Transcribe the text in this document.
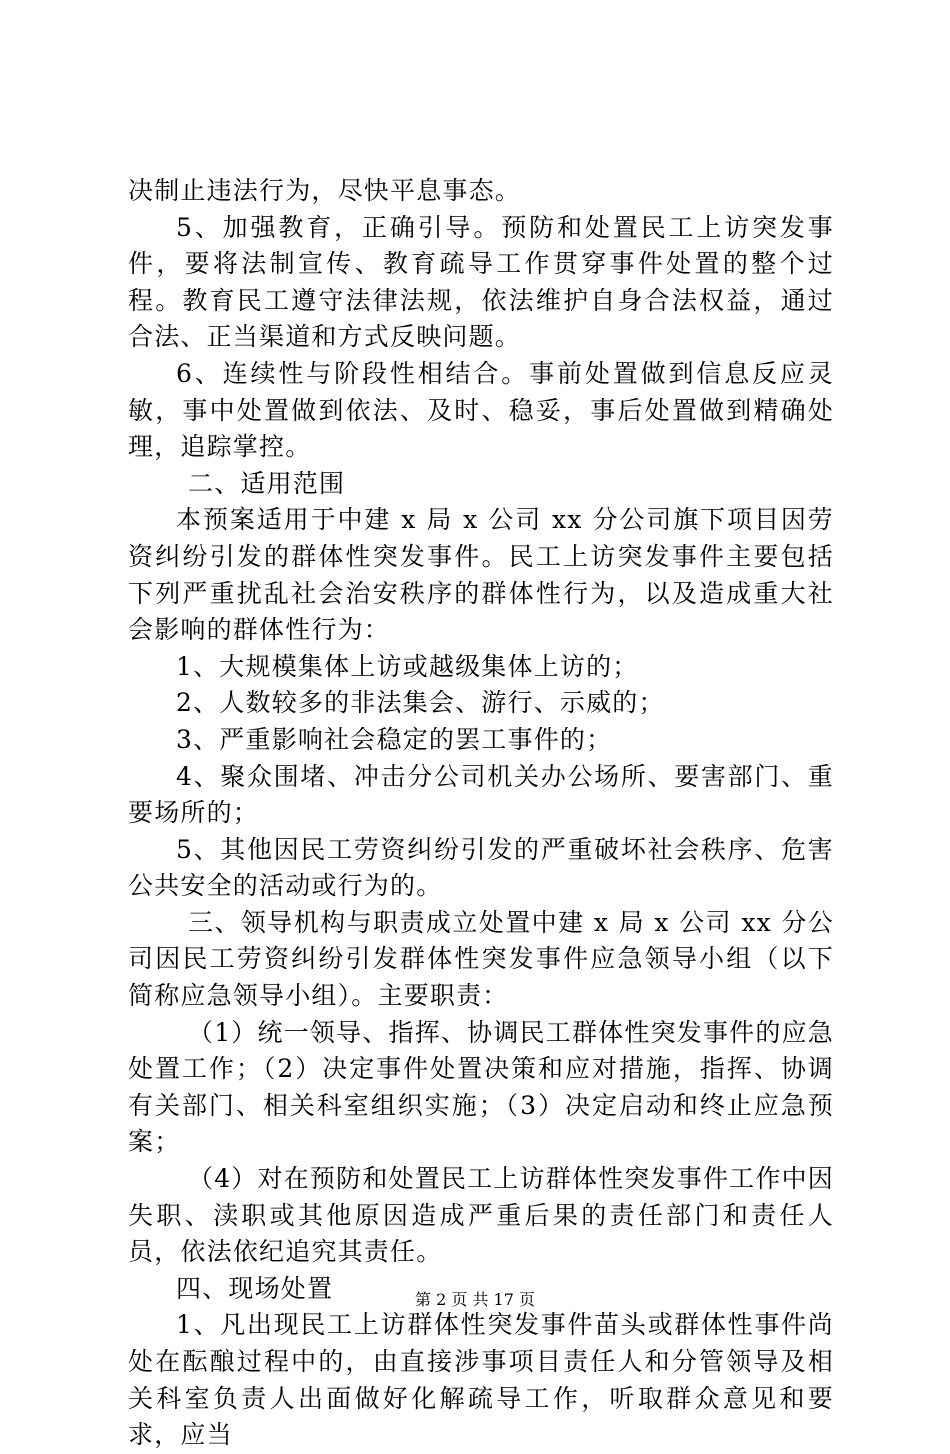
决制止违法行为，尽快平息事态。

5、加强教育，正确引导。预防和处置民工上访突发事件，要将法制宣传、教育疏导工作贯穿事件处置的整个过程。教育民工遵守法律法规，依法维护自身合法权益，通过合法、正当渠道和方式反映问题。

6、连续性与阶段性相结合。事前处置做到信息反应灵敏，事中处置做到依法、及时、稳妥，事后处置做到精确处理，追踪掌控。

二、适用范围

本预案适用于中建 x 局 x 公司 xx 分公司旗下项目因劳资纠纷引发的群体性突发事件。民工上访突发事件主要包括下列严重扰乱社会治安秩序的群体性行为，以及造成重大社会影响的群体性行为：

1、大规模集体上访或越级集体上访的；

2、人数较多的非法集会、游行、示威的；

3、严重影响社会稳定的罢工事件的；

4、聚众围堵、冲击分公司机关办公场所、要害部门、重要场所的；

5、其他因民工劳资纠纷引发的严重破坏社会秩序、危害公共安全的活动或行为的。

三、领导机构与职责成立处置中建 x 局 x 公司 xx 分公司因民工劳资纠纷引发群体性突发事件应急领导小组（以下简称应急领导小组）。主要职责：

（1）统一领导、指挥、协调民工群体性突发事件的应急处置工作；（2）决定事件处置决策和应对措施，指挥、协调有关部门、相关科室组织实施；（3）决定启动和终止应急预案；

（4）对在预防和处置民工上访群体性突发事件工作中因失职、渎职或其他原因造成严重后果的责任部门和责任人员，依法依纪追究其责任。

四、现场处置

1、凡出现民工上访群体性突发事件苗头或群体性事件尚处在酝酿过程中的，由直接涉事项目责任人和分管领导及相关科室负责人出面做好化解疏导工作，听取群众意见和要求，应当

第 2 页 共 17 页
